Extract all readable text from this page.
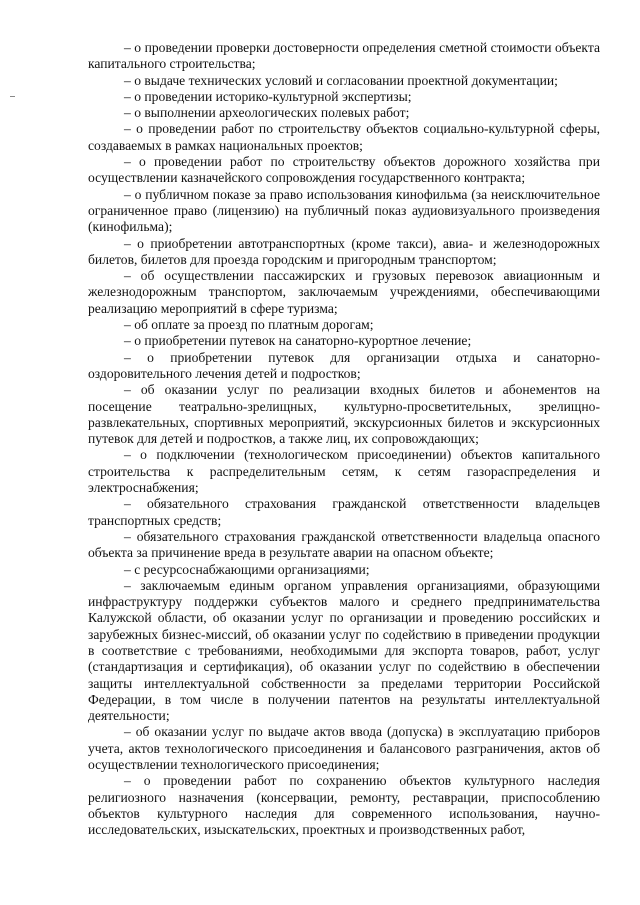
– о проведении проверки достоверности определения сметной стоимости объекта капитального строительства;

– о выдаче технических условий и согласовании проектной документации;

– о проведении историко-культурной экспертизы;

– о выполнении археологических полевых работ;

– о проведении работ по строительству объектов социально-культурной сферы, создаваемых в рамках национальных проектов;

– о проведении работ по строительству объектов дорожного хозяйства при осуществлении казначейского сопровождения государственного контракта;

– о публичном показе за право использования кинофильма (за неисключительное ограниченное право (лицензию) на публичный показ аудиовизуального произведения (кинофильма);

– о приобретении автотранспортных (кроме такси), авиа- и железнодорожных билетов, билетов для проезда городским и пригородным транспортом;

– об осуществлении пассажирских и грузовых перевозок авиационным и железнодорожным транспортом, заключаемым учреждениями, обеспечивающими реализацию мероприятий в сфере туризма;

– об оплате за проезд по платным дорогам;

– о приобретении путевок на санаторно-курортное лечение;

– о приобретении путевок для организации отдыха и санаторно-оздоровительного лечения детей и подростков;

– об оказании услуг по реализации входных билетов и абонементов на посещение театрально-зрелищных, культурно-просветительных, зрелищно-развлекательных, спортивных мероприятий, экскурсионных билетов и экскурсионных путевок для детей и подростков, а также лиц, их сопровождающих;

– о подключении (технологическом присоединении) объектов капитального строительства к распределительным сетям, к сетям газораспределения и электроснабжения;

– обязательного страхования гражданской ответственности владельцев транспортных средств;

– обязательного страхования гражданской ответственности владельца опасного объекта за причинение вреда в результате аварии на опасном объекте;

– с ресурсоснабжающими организациями;

– заключаемым единым органом управления организациями, образующими инфраструктуру поддержки субъектов малого и среднего предпринимательства Калужской области, об оказании услуг по организации и проведению российских и зарубежных бизнес-миссий, об оказании услуг по содействию в приведении продукции в соответствие с требованиями, необходимыми для экспорта товаров, работ, услуг (стандартизация и сертификация), об оказании услуг по содействию в обеспечении защиты интеллектуальной собственности за пределами территории Российской Федерации, в том числе в получении патентов на результаты интеллектуальной деятельности;

– об оказании услуг по выдаче актов ввода (допуска) в эксплуатацию приборов учета, актов технологического присоединения и балансового разграничения, актов об осуществлении технологического присоединения;

– о проведении работ по сохранению объектов культурного наследия религиозного назначения (консервации, ремонту, реставрации, приспособлению объектов культурного наследия для современного использования, научно-исследовательских, изыскательских, проектных и производственных работ,
